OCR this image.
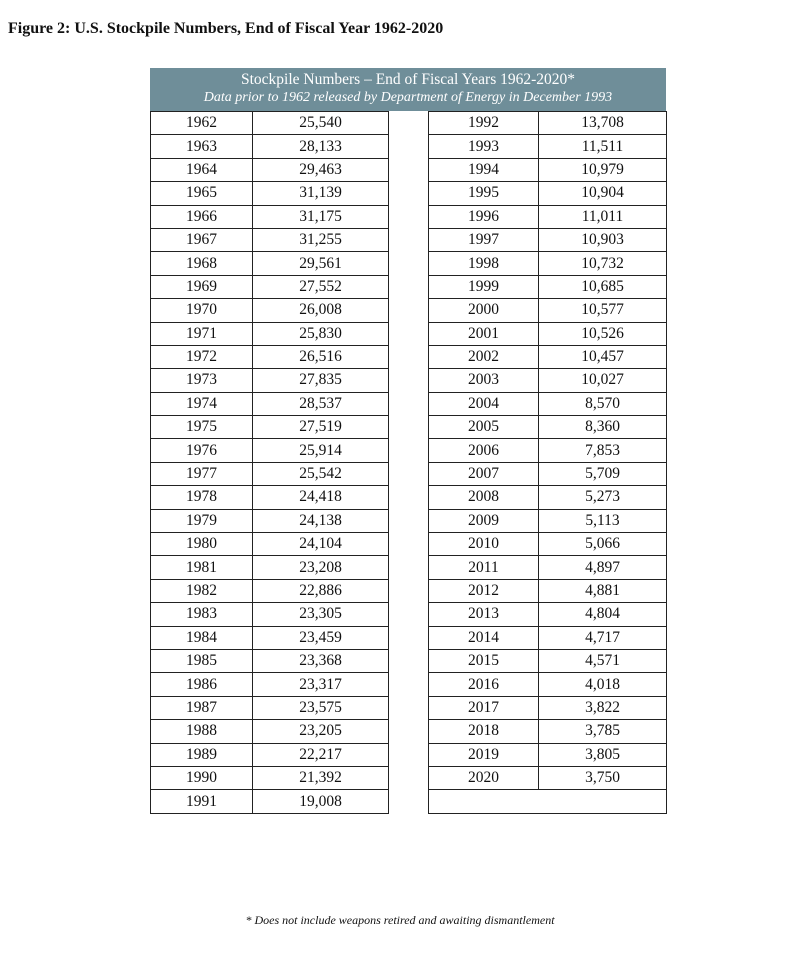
Figure 2: U.S. Stockpile Numbers, End of Fiscal Year 1962-2020
Stockpile Numbers – End of Fiscal Years 1962-2020*
Data prior to 1962 released by Department of Energy in December 1993
1962	25,540		1992	13,708
1963	28,133		1993	11,511
1964	29,463		1994	10,979
1965	31,139		1995	10,904
1966	31,175		1996	11,011
1967	31,255		1997	10,903
1968	29,561		1998	10,732
1969	27,552		1999	10,685
1970	26,008		2000	10,577
1971	25,830		2001	10,526
1972	26,516		2002	10,457
1973	27,835		2003	10,027
1974	28,537		2004	8,570
1975	27,519		2005	8,360
1976	25,914		2006	7,853
1977	25,542		2007	5,709
1978	24,418		2008	5,273
1979	24,138		2009	5,113
1980	24,104		2010	5,066
1981	23,208		2011	4,897
1982	22,886		2012	4,881
1983	23,305		2013	4,804
1984	23,459		2014	4,717
1985	23,368		2015	4,571
1986	23,317		2016	4,018
1987	23,575		2017	3,822
1988	23,205		2018	3,785
1989	22,217		2019	3,805
1990	21,392		2020	3,750
1991	19,008			

* Does not include weapons retired and awaiting dismantlement
